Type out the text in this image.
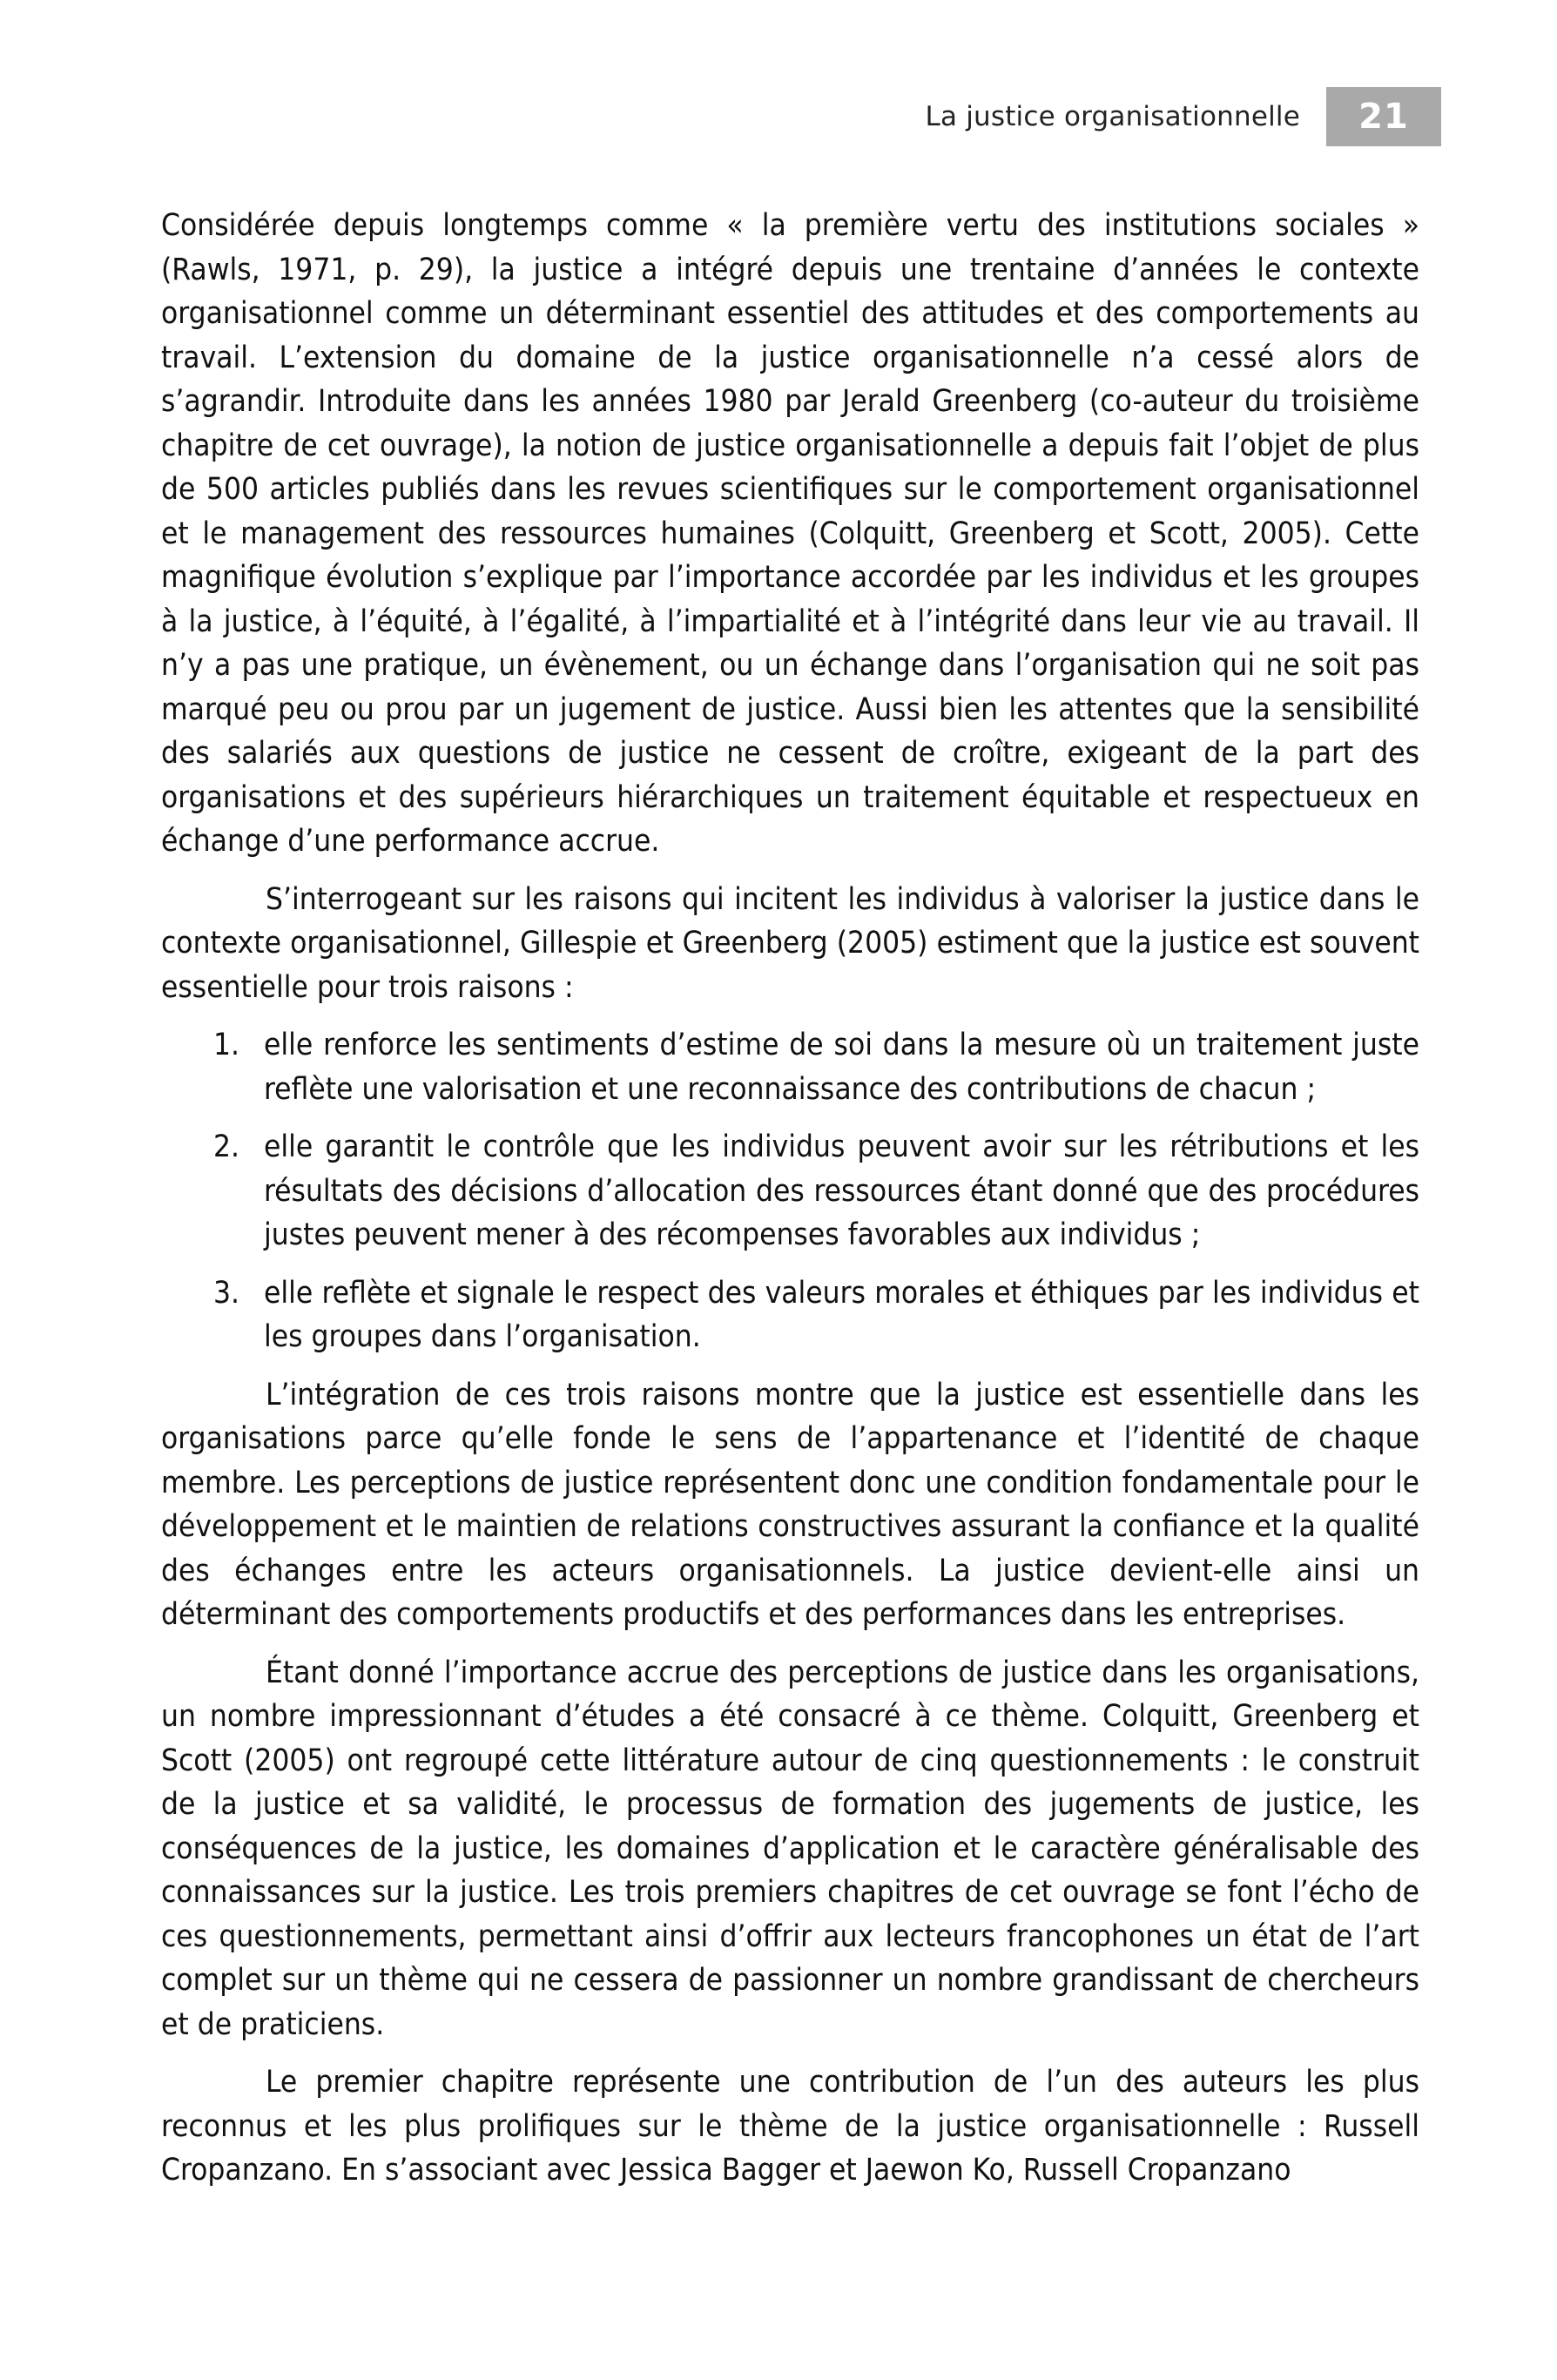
La justice organisationnelle	21

Considérée depuis longtemps comme « la première vertu des institutions sociales » (Rawls, 1971, p. 29), la justice a intégré depuis une trentaine d’années le contexte organisationnel comme un déterminant essentiel des attitudes et des comportements au travail. L’extension du domaine de la justice organisationnelle n’a cessé alors de s’agrandir. Introduite dans les années 1980 par Jerald Greenberg (co-auteur du troisième chapitre de cet ouvrage), la notion de justice organisationnelle a depuis fait l’objet de plus de 500 articles publiés dans les revues scientifiques sur le comportement organisationnel et le management des ressources humaines (Colquitt, Greenberg et Scott, 2005). Cette magnifique évolution s’explique par l’importance accordée par les individus et les groupes à la justice, à l’équité, à l’égalité, à l’impartialité et à l’intégrité dans leur vie au travail. Il n’y a pas une pratique, un évènement, ou un échange dans l’organisation qui ne soit pas marqué peu ou prou par un jugement de justice. Aussi bien les attentes que la sensibilité des salariés aux questions de justice ne cessent de croître, exigeant de la part des organisations et des supérieurs hiérarchiques un traitement équitable et respectueux en échange d’une performance accrue.

S’interrogeant sur les raisons qui incitent les individus à valoriser la justice dans le contexte organisationnel, Gillespie et Greenberg (2005) estiment que la justice est souvent essentielle pour trois raisons :

1. elle renforce les sentiments d’estime de soi dans la mesure où un traitement juste reflète une valorisation et une reconnaissance des contributions de chacun ;
2. elle garantit le contrôle que les individus peuvent avoir sur les rétributions et les résultats des décisions d’allocation des ressources étant donné que des procédures justes peuvent mener à des récompenses favorables aux individus ;
3. elle reflète et signale le respect des valeurs morales et éthiques par les individus et les groupes dans l’organisation.

L’intégration de ces trois raisons montre que la justice est essentielle dans les organisations parce qu’elle fonde le sens de l’appartenance et l’identité de chaque membre. Les perceptions de justice représentent donc une condition fondamentale pour le développement et le maintien de relations constructives assurant la confiance et la qualité des échanges entre les acteurs organisationnels. La justice devient-elle ainsi un déterminant des comportements productifs et des performances dans les entreprises.

Étant donné l’importance accrue des perceptions de justice dans les organisations, un nombre impressionnant d’études a été consacré à ce thème. Colquitt, Greenberg et Scott (2005) ont regroupé cette littérature autour de cinq questionnements : le construit de la justice et sa validité, le processus de formation des jugements de justice, les conséquences de la justice, les domaines d’application et le caractère généralisable des connaissances sur la justice. Les trois premiers chapitres de cet ouvrage se font l’écho de ces questionnements, permettant ainsi d’offrir aux lecteurs francophones un état de l’art complet sur un thème qui ne cessera de passionner un nombre grandissant de chercheurs et de praticiens.

Le premier chapitre représente une contribution de l’un des auteurs les plus reconnus et les plus prolifiques sur le thème de la justice organisationnelle : Russell Cropanzano. En s’associant avec Jessica Bagger et Jaewon Ko, Russell Cropanzano
